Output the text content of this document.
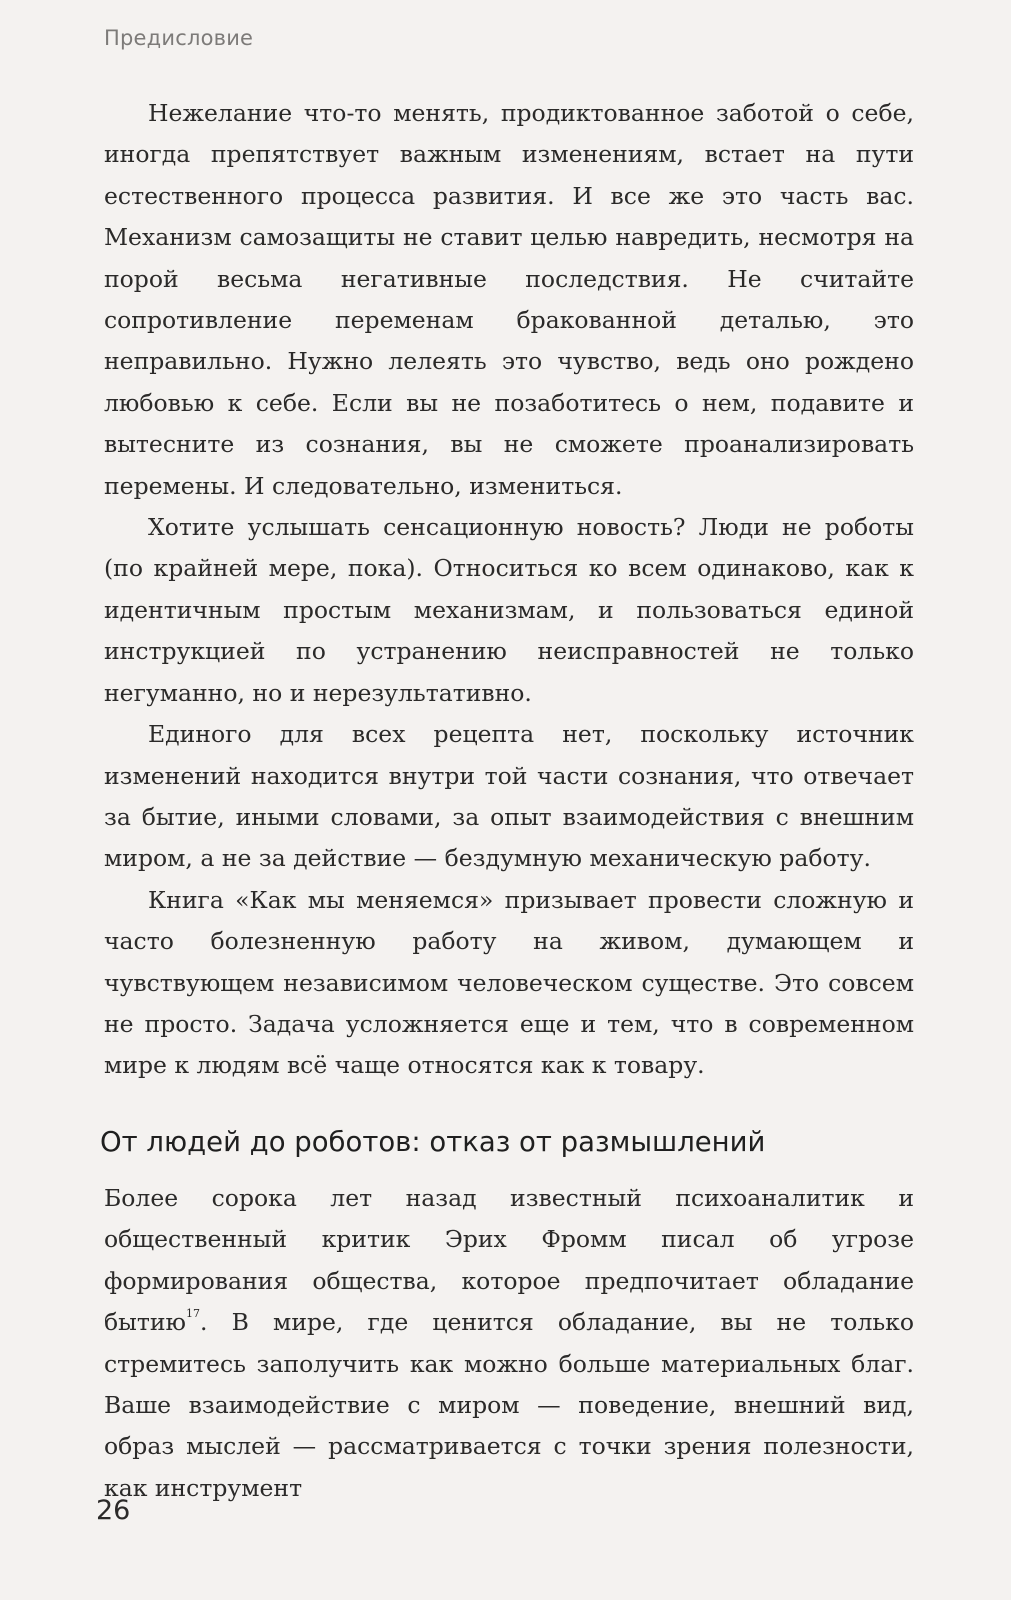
Предисловие

Нежелание что-то менять, продиктованное заботой о себе, иногда препятствует важным изменениям, встает на пути естественного процесса развития. И все же это часть вас. Механизм самозащиты не ставит целью навредить, несмотря на порой весьма негативные последствия. Не считайте сопротивление переменам бракованной деталью, это неправильно. Нужно лелеять это чувство, ведь оно рождено любовью к себе. Если вы не позаботитесь о нем, подавите и вытесните из сознания, вы не сможете проанализировать перемены. И следовательно, измениться.

Хотите услышать сенсационную новость? Люди не роботы (по крайней мере, пока). Относиться ко всем одинаково, как к идентичным простым механизмам, и пользоваться единой инструкцией по устранению неисправностей не только негуманно, но и нерезультативно.

Единого для всех рецепта нет, поскольку источник изменений находится внутри той части сознания, что отвечает за бытие, иными словами, за опыт взаимодействия с внешним миром, а не за действие — бездумную механическую работу.

Книга «Как мы меняемся» призывает провести сложную и часто болезненную работу на живом, думающем и чувствующем независимом человеческом существе. Это совсем не просто. Задача усложняется еще и тем, что в современном мире к людям всё чаще относятся как к товару.

От людей до роботов: отказ от размышлений

Более сорока лет назад известный психоаналитик и общественный критик Эрих Фромм писал об угрозе формирования общества, которое предпочитает обладание бытию$^{17}$. В мире, где ценится обладание, вы не только стремитесь заполучить как можно больше материальных благ. Ваше взаимодействие с миром — поведение, внешний вид, образ мыслей — рассматривается с точки зрения полезности, как инструмент

26
